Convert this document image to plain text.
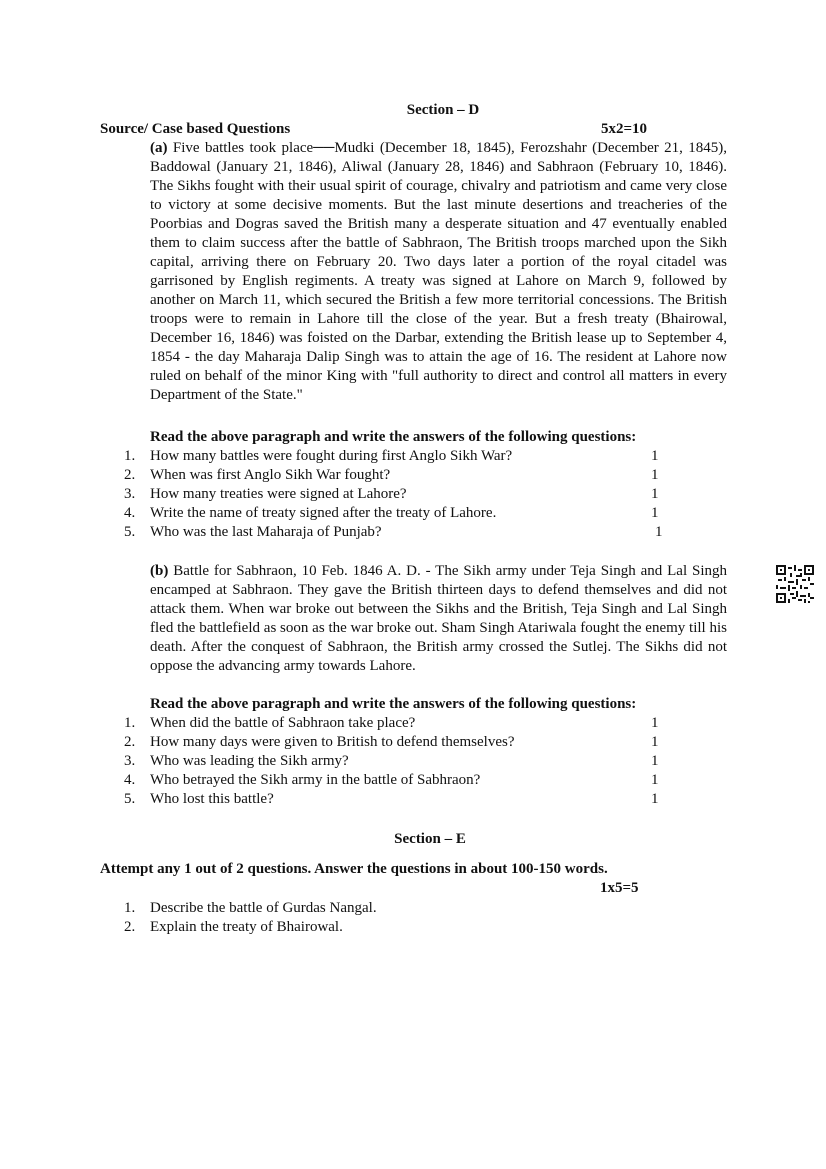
Section – D
Source/ Case based Questions	5x2=10
(a) Five battles took place──Mudki (December 18, 1845), Ferozshahr (December 21, 1845), Baddowal (January 21, 1846), Aliwal (January 28, 1846) and Sabhraon (February 10, 1846). The Sikhs fought with their usual spirit of courage, chivalry and patriotism and came very close to victory at some decisive moments. But the last minute desertions and treacheries of the Poorbias and Dogras saved the British many a desperate situation and 47 eventually enabled them to claim success after the battle of Sabhraon, The British troops marched upon the Sikh capital, arriving there on February 20. Two days later a portion of the royal citadel was garrisoned by English regiments. A treaty was signed at Lahore on March 9, followed by another on March 11, which secured the British a few more territorial concessions. The British troops were to remain in Lahore till the close of the year. But a fresh treaty (Bhairowal, December 16, 1846) was foisted on the Darbar, extending the British lease up to September 4, 1854 - the day Maharaja Dalip Singh was to attain the age of 16. The resident at Lahore now ruled on behalf of the minor King with "full authority to direct and control all matters in every Department of the State."
Read the above paragraph and write the answers of the following questions:
1. How many battles were fought during first Anglo Sikh War?	1
2. When was first Anglo Sikh War fought?	1
3. How many treaties were signed at Lahore?	1
4. Write the name of treaty signed after the treaty of Lahore.	1
5. Who was the last Maharaja of Punjab?	1
(b) Battle for Sabhraon, 10 Feb. 1846 A. D. - The Sikh army under Teja Singh and Lal Singh encamped at Sabhraon. They gave the British thirteen days to defend themselves and did not attack them. When war broke out between the Sikhs and the British, Teja Singh and Lal Singh fled the battlefield as soon as the war broke out. Sham Singh Atariwala fought the enemy till his death. After the conquest of Sabhraon, the British army crossed the Sutlej. The Sikhs did not oppose the advancing army towards Lahore.
Read the above paragraph and write the answers of the following questions:
1. When did the battle of Sabhraon take place?	1
2. How many days were given to British to defend themselves?	1
3. Who was leading the Sikh army?	1
4. Who betrayed the Sikh army in the battle of Sabhraon?	1
5. Who lost this battle?	1
Section – E
Attempt any 1 out of 2 questions. Answer the questions in about 100-150 words.
1x5=5
1. Describe the battle of Gurdas Nangal.
2. Explain the treaty of Bhairowal.
